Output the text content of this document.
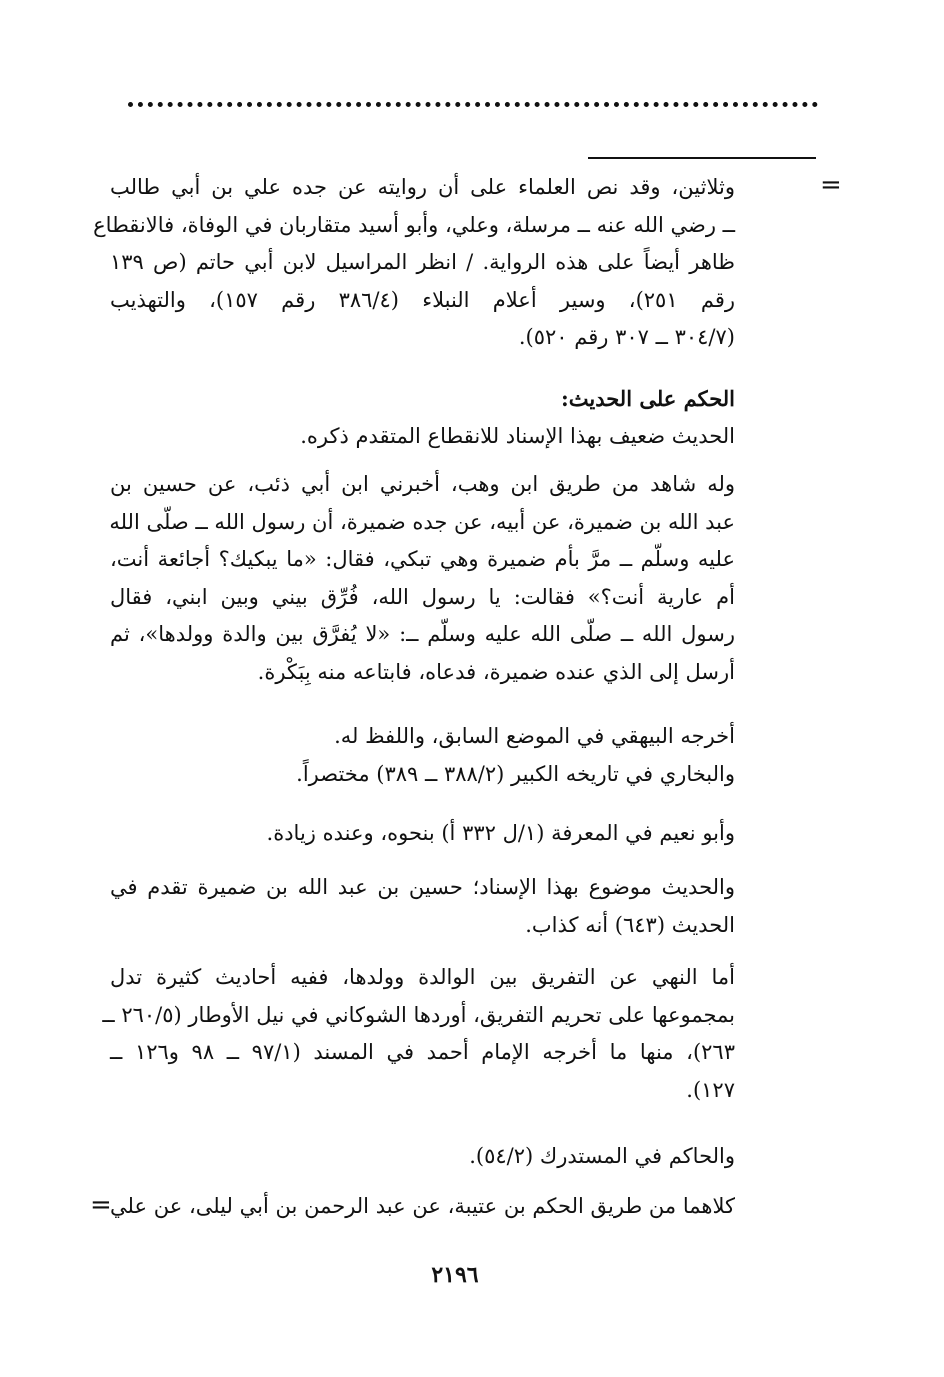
=
وثلاثين، وقد نص العلماء على أن روايته عن جده علي بن أبي طالب
ــ رضي الله عنه ــ مرسلة، وعلي، وأبو أسيد متقاربان في الوفاة، فالانقطاع
ظاهر أيضاً على هذه الرواية. / انظر المراسيل لابن أبي حاتم (ص ١٣٩
رقم ٢٥١)، وسير أعلام النبلاء (٣٨٦/٤ رقم ١٥٧)، والتهذيب
(٣٠٤/٧ ــ ٣٠٧ رقم ٥٢٠).
الحكم على الحديث:
الحديث ضعيف بهذا الإسناد للانقطاع المتقدم ذكره.
وله شاهد من طريق ابن وهب، أخبرني ابن أبي ذئب، عن حسين بن
عبد الله بن ضميرة، عن أبيه، عن جده ضميرة، أن رسول الله ــ صلّى الله
عليه وسلّم ــ مرَّ بأم ضميرة وهي تبكي، فقال: «ما يبكيك؟ أجائعة أنت،
أم عارية أنت؟» فقالت: يا رسول الله، فُرِّق بيني وبين ابني، فقال
رسول الله ــ صلّى الله عليه وسلّم ــ: «لا يُفرَّق بين والدة وولدها»، ثم
أرسل إلى الذي عنده ضميرة، فدعاه، فابتاعه منه بِبَكْرة.
أخرجه البيهقي في الموضع السابق، واللفظ له.
والبخاري في تاريخه الكبير (٣٨٨/٢ ــ ٣٨٩) مختصراً.
وأبو نعيم في المعرفة (١/ل ٣٣٢ أ) بنحوه، وعنده زيادة.
والحديث موضوع بهذا الإسناد؛ حسين بن عبد الله بن ضميرة تقدم في
الحديث (٦٤٣) أنه كذاب.
أما النهي عن التفريق بين الوالدة وولدها، ففيه أحاديث كثيرة تدل
بمجموعها على تحريم التفريق، أوردها الشوكاني في نيل الأوطار (٢٦٠/٥ ــ
٢٦٣)، منها ما أخرجه الإمام أحمد في المسند (٩٧/١ ــ ٩٨ و١٢٦ ــ
١٢٧).
والحاكم في المستدرك (٥٤/٢).
كلاهما من طريق الحكم بن عتيبة، عن عبد الرحمن بن أبي ليلى، عن علي
=
٢١٩٦
